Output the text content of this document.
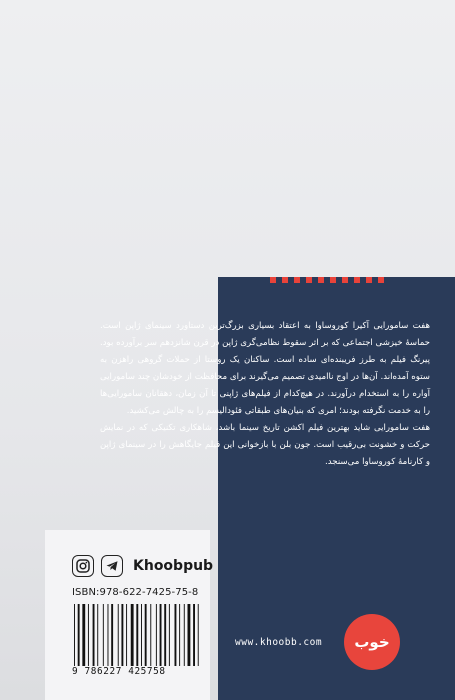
هفت سامورایی آکیرا کوروساوا به اعتقاد بسیاری بزرگ‌ترین دستاورد سینمای ژاپن است. حماسهٔ خیزشی اجتماعی که بر اثر سقوط نظامی‌گری ژاپن در قرن شانزدهم سر برآورده بود. پیرنگ فیلم به طرز فریبنده‌ای ساده است. ساکنان یک روستا از حملات گروهی راهزن به ستوه آمده‌اند. آن‌ها در اوج ناامیدی تصمیم می‌گیرند برای محافظت از خودشان چند سامورایی آواره را به استخدام درآورند. در هیچ‌کدام از فیلم‌های ژاپنی تا آن زمان، دهقانان سامورایی‌ها را به خدمت نگرفته بودند؛ امری که بنیان‌های طبقاتی فئودالیسم را به چالش می‌کشید.

هفت سامورایی شاید بهترین فیلم اکشن تاریخ سینما باشد، شاهکاری تکنیکی که در نمایش حرکت و خشونت بی‌رقیب است. جون بلن با بازخوانی این فیلم جایگاهش را در سینمای ژاپن و کارنامهٔ کوروساوا می‌سنجد.

Khoobpub
ISBN:978-622-7425-75-8
9 786227 425758
www.khoobb.com خوب
